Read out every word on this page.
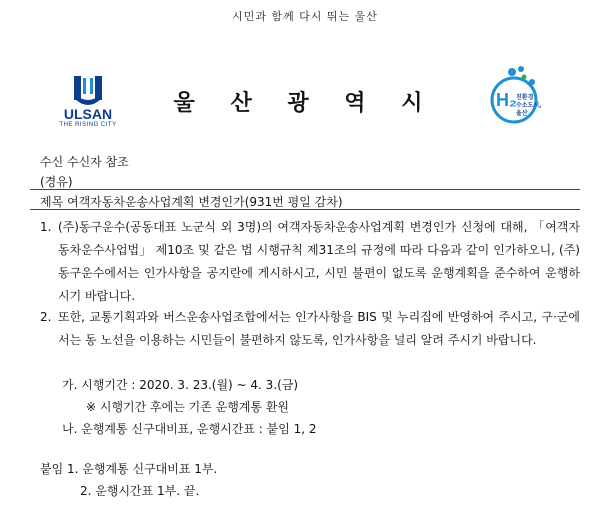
시민과 함께 다시 뛰는 울산
ULSAN
THE RISING CITY
울 산 광 역 시	H₂ 친환경
수소도시,
울산
수신 수신자 참조
(경유)
제목 여객자동차운송사업계획 변경인가(931번 평일 감차)
1. (주)동구운수(공동대표 노군식 외 3명)의 여객자동차운송사업계획 변경인가 신청에 대해, 「여객자동차운수사업법」 제10조 및 같은 법 시행규칙 제31조의 규정에 따라 다음과 같이 인가하오니, (주)동구운수에서는 인가사항을 공지란에 게시하시고, 시민 불편이 없도록 운행계획을 준수하여 운행하시기 바랍니다.
2. 또한, 교통기획과와 버스운송사업조합에서는 인가사항을 BIS 및 누리집에 반영하여 주시고, 구·군에서는 동 노선을 이용하는 시민들이 불편하지 않도록, 인가사항을 널리 알려 주시기 바랍니다.
가. 시행기간 : 2020. 3. 23.(월) ~ 4. 3.(금)
※ 시행기간 후에는 기존 운행계통 환원
나. 운행계통 신구대비표, 운행시간표 : 붙임 1, 2
붙임 1. 운행계통 신구대비표 1부.
2. 운행시간표 1부. 끝.
